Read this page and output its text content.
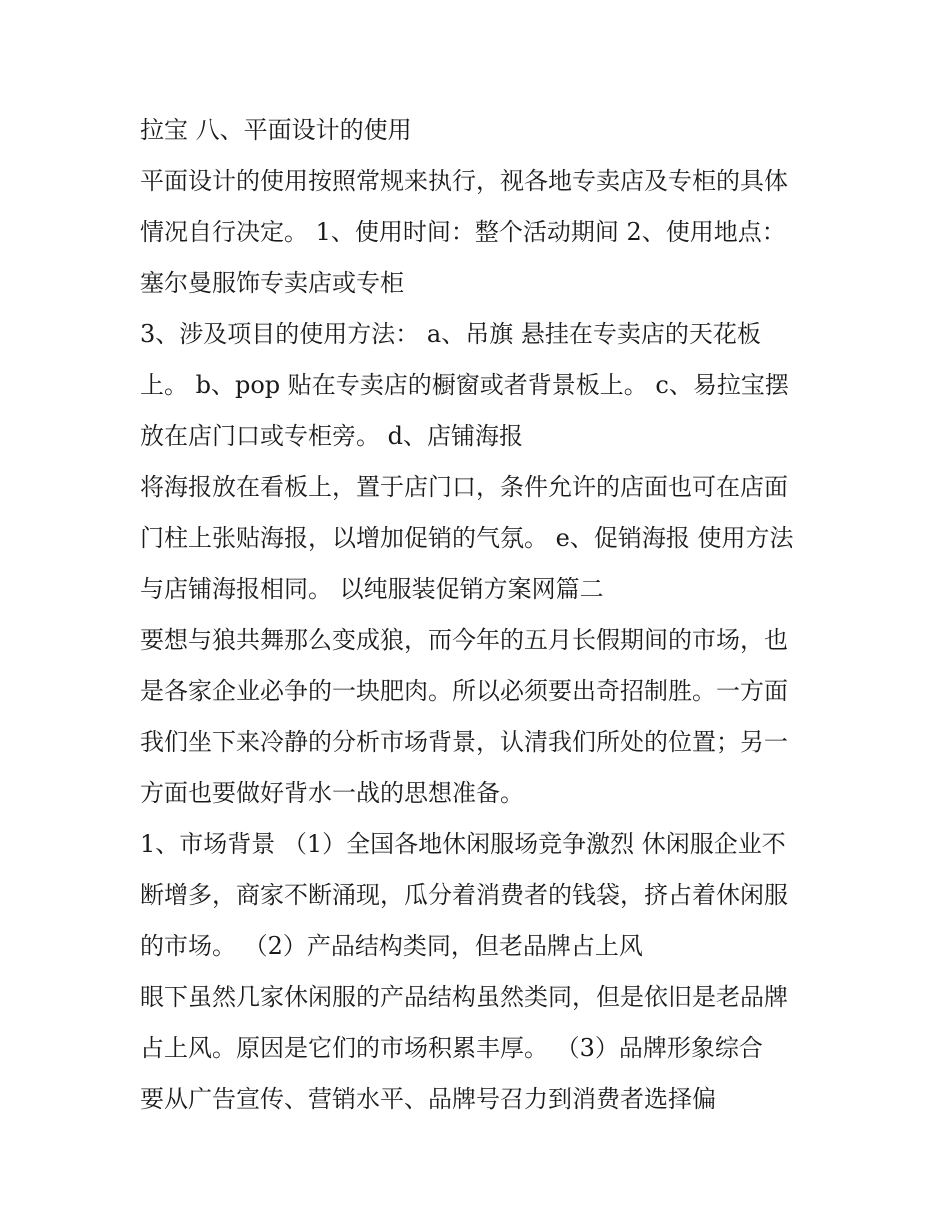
拉宝 八、平面设计的使用
平面设计的使用按照常规来执行，视各地专卖店及专柜的具体
情况自行决定。 1、使用时间：整个活动期间 2、使用地点：
塞尔曼服饰专卖店或专柜
3、涉及项目的使用方法： a、吊旗 悬挂在专卖店的天花板
上。 b、pop 贴在专卖店的橱窗或者背景板上。 c、易拉宝摆
放在店门口或专柜旁。 d、店铺海报
将海报放在看板上，置于店门口，条件允许的店面也可在店面
门柱上张贴海报，以增加促销的气氛。 e、促销海报 使用方法
与店铺海报相同。 以纯服装促销方案网篇二
要想与狼共舞那么变成狼，而今年的五月长假期间的市场，也
是各家企业必争的一块肥肉。所以必须要出奇招制胜。一方面
我们坐下来冷静的分析市场背景，认清我们所处的位置；另一
方面也要做好背水一战的思想准备。
1、市场背景 （1）全国各地休闲服场竞争激烈 休闲服企业不
断增多，商家不断涌现，瓜分着消费者的钱袋，挤占着休闲服
的市场。 （2）产品结构类同，但老品牌占上风
眼下虽然几家休闲服的产品结构虽然类同，但是依旧是老品牌
占上风。原因是它们的市场积累丰厚。 （3）品牌形象综合
要从广告宣传、营销水平、品牌号召力到消费者选择偏
